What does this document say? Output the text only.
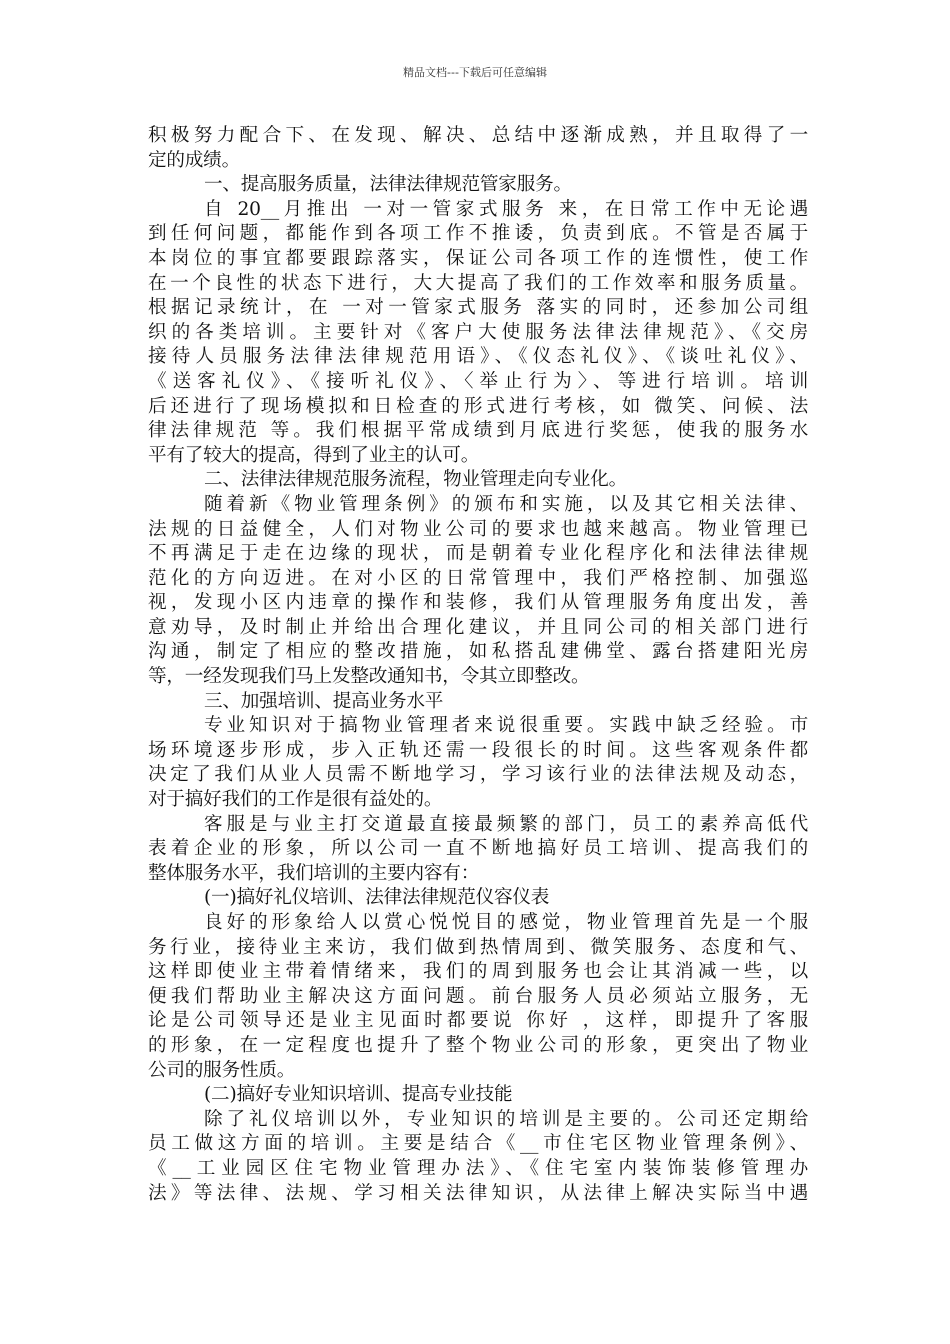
精品文档---下载后可任意编辑
积极努力配合下、在发现、解决、总结中逐渐成熟，并且取得了一
定的成绩。
一、提高服务质量，法律法律规范管家服务。
自 20__月推出 一对一管家式服务 来，在日常工作中无论遇
到任何问题，都能作到各项工作不推诿，负责到底。不管是否属于
本岗位的事宜都要跟踪落实，保证公司各项工作的连惯性，使工作
在一个良性的状态下进行，大大提高了我们的工作效率和服务质量。
根据记录统计，在 一对一管家式服务 落实的同时，还参加公司组
织的各类培训。主要针对《客户大使服务法律法律规范》、《交房
接待人员服务法律法律规范用语》、《仪态礼仪》、《谈吐礼仪》、
《送客礼仪》、《接听礼仪》、〈举止行为〉、等进行培训。培训
后还进行了现场模拟和日检查的形式进行考核，如 微笑、问候、法
律法律规范 等。我们根据平常成绩到月底进行奖惩，使我的服务水
平有了较大的提高，得到了业主的认可。
二、法律法律规范服务流程，物业管理走向专业化。
随着新《物业管理条例》的颁布和实施，以及其它相关法律、
法规的日益健全，人们对物业公司的要求也越来越高。物业管理已
不再满足于走在边缘的现状，而是朝着专业化程序化和法律法律规
范化的方向迈进。在对小区的日常管理中，我们严格控制、加强巡
视，发现小区内违章的操作和装修，我们从管理服务角度出发，善
意劝导，及时制止并给出合理化建议，并且同公司的相关部门进行
沟通，制定了相应的整改措施，如私搭乱建佛堂、露台搭建阳光房
等，一经发现我们马上发整改通知书，令其立即整改。
三、加强培训、提高业务水平
专业知识对于搞物业管理者来说很重要。实践中缺乏经验。市
场环境逐步形成，步入正轨还需一段很长的时间。这些客观条件都
决定了我们从业人员需不断地学习，学习该行业的法律法规及动态，
对于搞好我们的工作是很有益处的。
客服是与业主打交道最直接最频繁的部门，员工的素养高低代
表着企业的形象，所以公司一直不断地搞好员工培训、提高我们的
整体服务水平，我们培训的主要内容有：
(一)搞好礼仪培训、法律法律规范仪容仪表
良好的形象给人以赏心悦悦目的感觉，物业管理首先是一个服
务行业，接待业主来访，我们做到热情周到、微笑服务、态度和气、
这样即使业主带着情绪来，我们的周到服务也会让其消减一些，以
便我们帮助业主解决这方面问题。前台服务人员必须站立服务，无
论是公司领导还是业主见面时都要说 你好 ，这样，即提升了客服
的形象，在一定程度也提升了整个物业公司的形象，更突出了物业
公司的服务性质。
(二)搞好专业知识培训、提高专业技能
除了礼仪培训以外，专业知识的培训是主要的。公司还定期给
员工做这方面的培训。主要是结合《__市住宅区物业管理条例》、
《__工业园区住宅物业管理办法》、《住宅室内装饰装修管理办
法》等法律、法规、学习相关法律知识，从法律上解决实际当中遇
